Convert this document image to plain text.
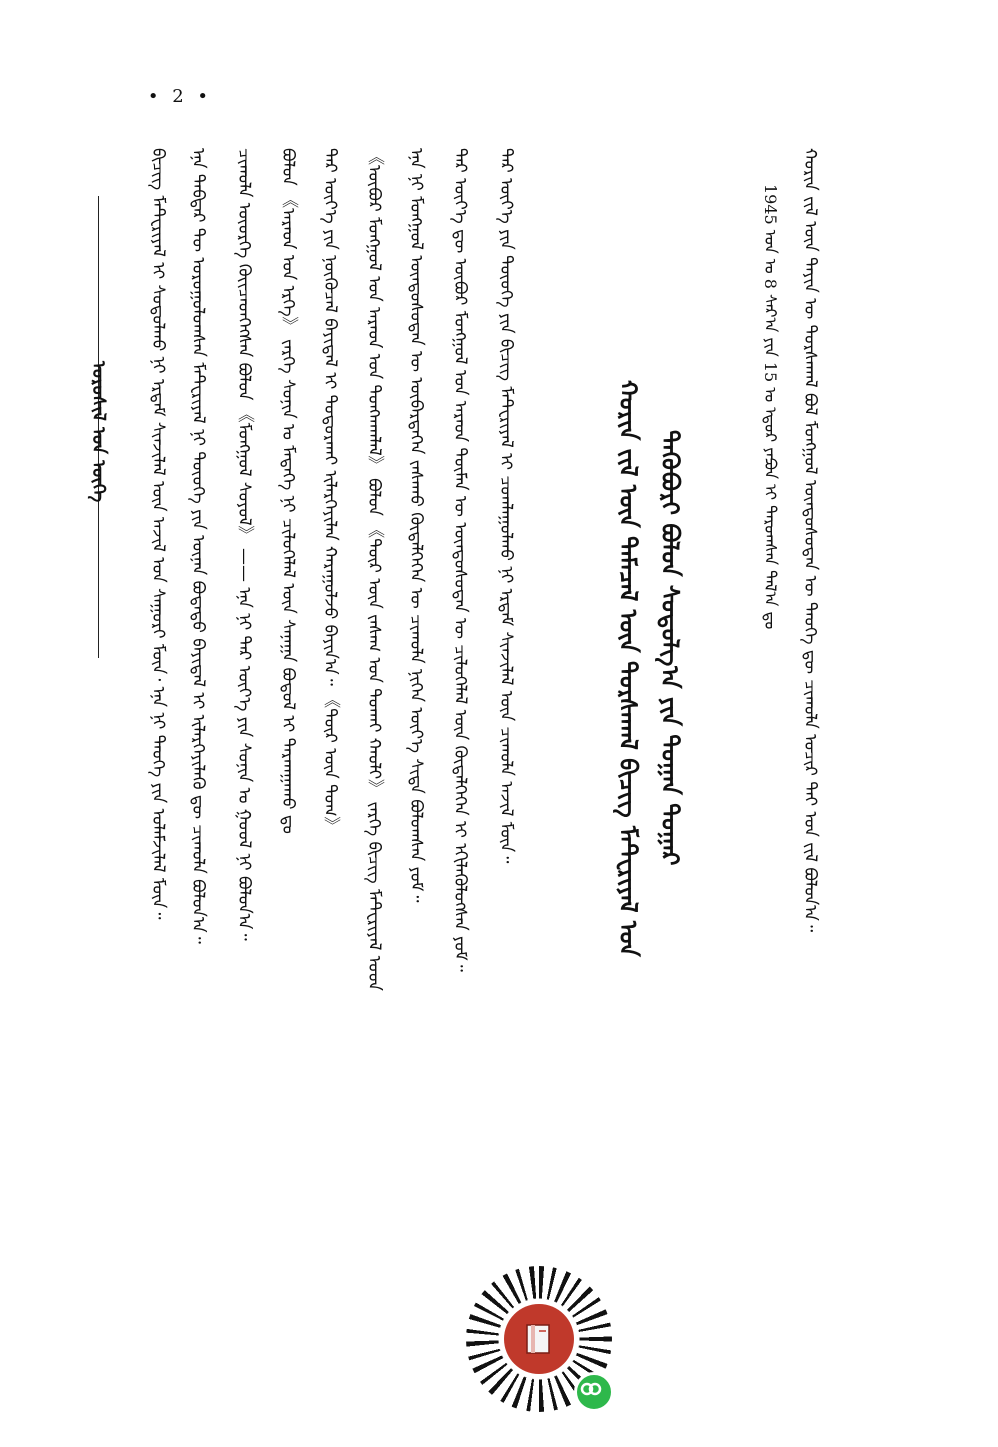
• 2 •
ᠣᠷᠣᠰᠢᠯ ᠤᠨ ᠦᠭᠡ	ᠪᠢᠴᠢᠭ᠌ ᠮᠠᠲ᠋ᠧᠷᠢᠶᠠᠯ ᠢ ᠰᠤᠳᠤᠯᠬᠤ ᠨᠢ ᠡᠷᠳᠡᠮ ᠰᠢᠨᠵᠢᠯᠡᠯ ᠦᠨ ᠠᠵᠢᠯ ᠤᠨ ᠰᠠᠭᠤᠷᠢ ᠮᠥᠨ᠂ ᠡᠨᠡ ᠨᠢ ᠲᠡᠦᠬᠡ ᠶᠢᠨ ᠤᠯᠠᠮᠵᠢᠯᠠᠯ ᠮᠥᠨ᠃ ᠡᠨᠡ ᠳᠡᠪᠲᠡᠷ ᠲᠦ ᠣᠷᠣᠭᠤᠯᠤᠭᠰᠠᠨ ᠮᠠᠲ᠋ᠧᠷᠢᠶᠠᠯ ᠨᠢ ᠲᠦᠦᠬᠡ ᠶᠢᠨ ᠦᠨᠡᠨ ᠪᠣᠳᠠᠲᠤ ᠪᠠᠶᠢᠳᠠᠯ ᠢ ᠢᠯᠡᠷᠬᠡᠶᠢᠯᠡᠬᠦ ᠳᠦ ᠴᠢᠬᠤᠯᠠ ᠪᠣᠯᠤᠨ᠎ᠠ᠃ ᠴᠢᠬᠤᠯᠠ ᠦᠦᠷᠭᠡ ᠭᠦᠢᠴᠡᠳᠭᠡᠭᠰᠡᠨ ᠪᠣᠯᠤᠨ 《ᠮᠣᠩᠭᠣᠯ ᠰᠣᠶᠣᠯ》 —— ᠡᠨᠡ ᠨᠢ ᠲᠡᠷ ᠦᠶ᠎ᠡ ᠶᠢᠨ ᠰᠣᠨᠢᠨ ᠤ ᠭᠣᠣᠯ ᠨᠢ ᠪᠣᠯᠤᠨ᠎ᠠ᠃ ᠪᠣᠯᠤᠨ 《ᠠᠷᠠᠳ ᠤᠨ ᠡᠷᠬᠡ》 ᠵᠡᠷᠭᠡ ᠰᠣᠨᠢᠨ ᠤ ᠮᠡᠳᠡᠭᠡ ᠨᠢ ᠴᠢᠯᠥᠭᠡᠯᠡᠯ ᠦᠨ ᠰᠠᠨᠠᠭᠠ ᠪᠣᠳᠣᠯ ᠢ ᠲᠠᠷᠬᠠᠭᠠᠬᠤ ᠳᠤ ᠲᠡᠷ ᠦᠶ᠎ᠡ ᠶᠢᠨ ᠨᠥᠬᠥᠴᠡᠯ ᠪᠠᠶᠢᠳᠠᠯ ᠢ ᠲᠣᠳᠣᠷᠬᠠᠶ ᠢᠯᠡᠷᠬᠡᠶᠢᠯᠡᠨ ᠬᠠᠷᠠᠭᠤᠯᠵᠤ ᠪᠠᠶᠢᠨ᠎ᠠ᠃ 《ᠲᠦᠷ ᠦᠨ ᠲᠤᠭ》 《ᠥᠪᠦᠷ ᠮᠣᠩᠭᠣᠯ ᠤᠨ ᠠᠷᠠᠳ ᠤᠨ ᠲᠤᠩᠬᠠᠭᠯᠠᠯ》 ᠪᠣᠯᠤᠨ 《ᠲᠦᠷ ᠦᠨ ᠵᠠᠰᠠᠭ ᠤᠨ ᠲᠤᠬᠠᠢ ᠬᠠᠤᠯᠢ》 ᠵᠡᠷᠭᠡ ᠪᠢᠴᠢᠭ᠌ ᠮᠠᠲ᠋ᠧᠷᠢᠶᠠᠯ ᠤᠳ ᠡᠨᠡ ᠨᠢ ᠮᠣᠩᠭᠣᠯ ᠦᠨᠳᠦᠰᠦᠲᠡᠨ ᠦ ᠥᠪᠡᠷᠲᠡᠭᠡᠨ ᠵᠠᠰᠠᠬᠤ ᠬᠥᠳᠡᠯᠭᠡᠭᠡᠨ ᠦ ᠴᠢᠬᠤᠯᠠ ᠨᠢᠭᠡᠨ ᠦᠶ᠎ᠡ ᠰᠢᠳᠠ ᠪᠣᠯᠤᠭᠰᠠᠨ ᠶᠤᠮ᠃ ᠲᠡᠷ ᠦᠶ᠎ᠡ ᠳᠦ ᠥᠪᠦᠷ ᠮᠣᠩᠭᠣᠯ ᠤᠨ ᠠᠷᠠᠳ ᠲᠦᠮᠡᠨ ᠦ ᠦᠨᠳᠦᠰᠦᠲᠡᠨ ᠦ ᠴᠢᠯᠥᠭᠡᠯᠡᠯ ᠦᠨ ᠬᠥᠳᠡᠯᠭᠡᠭᠡᠨ ᠢ ᠡᠬᠢᠯᠡᠭᠦᠯᠦᠭᠰᠡᠨ ᠶᠤᠮ᠃ ᠲᠡᠷ ᠦᠶ᠎ᠡ ᠶᠢᠨ ᠲᠦᠦᠬᠡ ᠶᠢᠨ ᠪᠢᠴᠢᠭ᠌ ᠮᠠᠲ᠋ᠧᠷᠢᠶᠠᠯ ᠢ ᠴᠤᠭᠯᠠᠭᠤᠯᠬᠤ ᠨᠢ ᠡᠷᠳᠡᠮ ᠰᠢᠨᠵᠢᠯᠡᠯ ᠦᠨ ᠴᠢᠬᠤᠯᠠ ᠠᠵᠢᠯ ᠮᠥᠨ᠃	ᠬᠣᠷᠢᠨ ᠵᠢᠯ ᠦᠨ ᠲᠡᠮᠡᠴᠡᠯ ᠦᠨ ᠳᠤᠷᠰᠠᠬᠠᠯ ᠪᠢᠴᠢᠭ᠌ ᠮᠠᠲ᠋ᠧᠷᠢᠶᠠᠯ ᠤᠨ ᠲᠡᠭᠦᠪᠦᠷᠢ ᠪᠤᠯᠤᠨ ᠰᠤᠳᠤᠯᠭ᠎ᠠ ᠶᠢᠨ ᠲᠣᠭᠠᠨ ᠳᠤᠭᠠᠷ
1945 ᠣᠨ ᠤ 8 ᠰᠠᠷ᠎ᠠ ᠶᠢᠨ 15 ᠤ ᠡᠳᠦᠷ ᠶᠠᠫᠣᠨ ᠢ ᠳᠠᠷᠤᠭᠰᠠᠨ ᠲᠠᠯ᠎ᠠ ᠳᠤ ᠬᠣᠷᠢᠨ ᠵᠢᠯ ᠦᠨ ᠳᠠᠶᠢᠨ ᠦ ᠳᠤᠷᠰᠠᠬᠠᠯ ᠪᠣᠯ ᠮᠣᠩᠭᠣᠯ ᠦᠨᠳᠦᠰᠦᠲᠡᠨ ᠦ ᠲᠡᠦᠬᠡ ᠳᠦ ᠴᠢᠬᠤᠯᠠ ᠤᠴᠢᠷ ᠲᠠᠢ ᠣᠨ ᠵᠢᠯ ᠪᠣᠯᠤᠨ᠎ᠠ᠃
